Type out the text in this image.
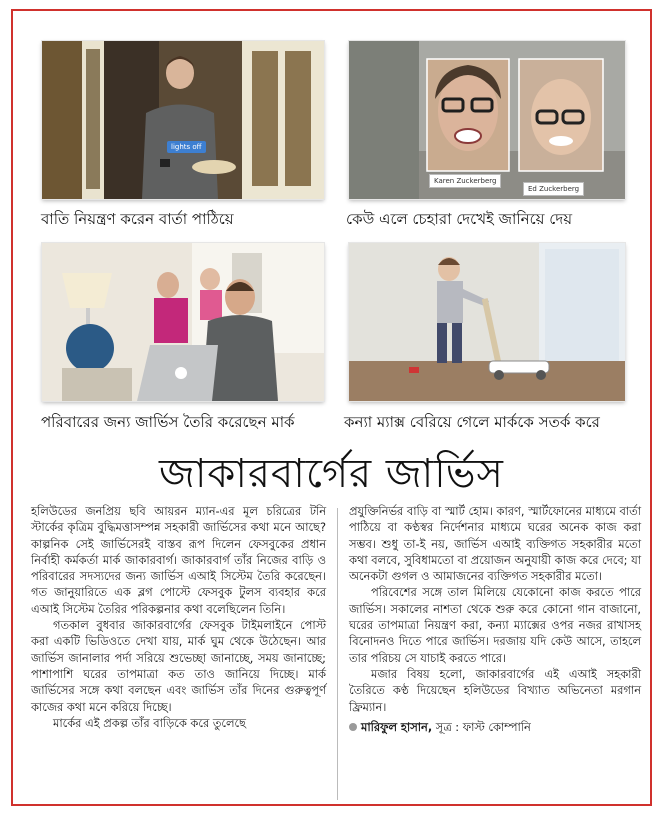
lights off
বাতি নিয়ন্ত্রণ করেন বার্তা পাঠিয়ে
Karen Zuckerberg
Ed Zuckerberg
কেউ এলে চেহারা দেখেই জানিয়ে দেয়
পরিবারের জন্য জার্ভিস তৈরি করেছেন মার্ক	কন্যা ম্যাক্স বেরিয়ে গেলে মার্ককে সতর্ক করে
জাকারবার্গের জার্ভিস

হলিউডের জনপ্রিয় ছবি আয়রন ম্যান-এর মূল চরিত্রের টনি স্টার্কের কৃত্রিম বুদ্ধিমত্তাসম্পন্ন সহকারী জার্ভিসের কথা মনে আছে? কাল্পনিক সেই জার্ভিসেরই বাস্তব রূপ দিলেন ফেসবুকের প্রধান নির্বাহী কর্মকর্তা মার্ক জাকারবার্গ। জাকারবার্গ তাঁর নিজের বাড়ি ও পরিবারের সদস্যদের জন্য জার্ভিস এআই সিস্টেম তৈরি করেছেন। গত জানুয়ারিতে এক ব্লগ পোস্টে ফেসবুক টুলস ব্যবহার করে এআই সিস্টেম তৈরির পরিকল্পনার কথা বলেছিলেন তিনি।

গতকাল বুধবার জাকারবার্গের ফেসবুক টাইমলাইনে পোস্ট করা একটি ভিডিওতে দেখা যায়, মার্ক ঘুম থেকে উঠেছেন। আর জার্ভিস জানালার পর্দা সরিয়ে শুভেচ্ছা জানাচ্ছে, সময় জানাচ্ছে; পাশাপাশি ঘরের তাপমাত্রা কত তাও জানিয়ে দিচ্ছে। মার্ক জার্ভিসের সঙ্গে কথা বলছেন এবং জার্ভিস তাঁর দিনের গুরুত্বপূর্ণ কাজের কথা মনে করিয়ে দিচ্ছে।

মার্কের এই প্রকল্প তাঁর বাড়িকে করে তুলেছে

প্রযুক্তিনির্ভর বাড়ি বা স্মার্ট হোম। কারণ, স্মার্টফোনের মাধ্যমে বার্তা পাঠিয়ে বা কণ্ঠস্বর নির্দেশনার মাধ্যমে ঘরের অনেক কাজ করা সম্ভব। শুধু তা-ই নয়, জার্ভিস এআই ব্যক্তিগত সহকারীর মতো কথা বলবে, সুবিধামতো বা প্রয়োজন অনুযায়ী কাজ করে দেবে; যা অনেকটা গুগল ও আমাজনের ব্যক্তিগত সহকারীর মতো।

পরিবেশের সঙ্গে তাল মিলিয়ে যেকোনো কাজ করতে পারে জার্ভিস। সকালের নাশতা থেকে শুরু করে কোনো গান বাজানো, ঘরের তাপমাত্রা নিয়ন্ত্রণ করা, কন্যা ম্যাক্সের ওপর নজর রাখাসহ বিনোদনও দিতে পারে জার্ভিস। দরজায় যদি কেউ আসে, তাহলে তার পরিচয় সে যাচাই করতে পারে।

মজার বিষয় হলো, জাকারবার্গের এই এআই সহকারী তৈরিতে কণ্ঠ দিয়েছেন হলিউডের বিখ্যাত অভিনেতা মরগান ফ্রিম্যান।

মারিফুল হাসান, সূত্র : ফাস্ট কোম্পানি
